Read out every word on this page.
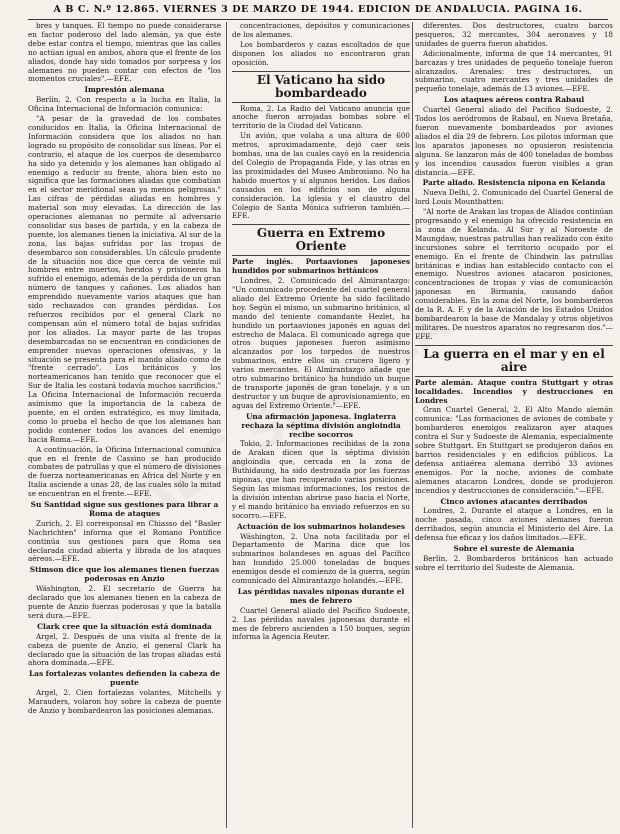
A B C. N.º 12.865. VIERNES 3 DE MARZO DE 1944. EDICION DE ANDALUCIA. PAGINA 16.

bres y tanques. El tiempo no puede considerarse en factor poderoso del lado alemán, ya que éste debe estar contra el tiempo, mientras que las calles no actúan igual en ambos, ahora que el frente de los aliados, donde hay sido tomados por sorpresa y los alemanes no pueden contar con efectos de "los momentos cruciales".—EFE.

Impresión alemana

Berlín, 2. Con respecto a la lucha en Italia, la Oficina Internacional de Información comunica:

"A pesar de la gravedad de los combates conducidos en Italia, la Oficina Internacional de Información considera que los aliados no han logrado su propósito de consolidar sus líneas. Por el contrario, el ataque de los cuerpos de desembarco ha sido ya detenido y los alemanes han obligado al enemigo a reducir su frente, ahora bien esto no significa que las formaciones aliadas que combatían en el sector meridional sean ya menos peligrosas." Las cifras de pérdidas aliadas en hombres y material son muy elevadas. La dirección de las operaciones alemanas no permite al adversario consolidar sus bases de partida, y en la cabeza de puente, los alemanes tienen la iniciativa. Al sur de la zona, las bajas sufridas por las tropas de desembarco son considerables. Un cálculo prudente de la situación nos dice que cerca de veinte mil hombres entre muertos, heridos y prisioneros ha sufrido el enemigo, además de la pérdida de un gran número de tanques y cañones. Los aliados han emprendido nuevamente varios ataques que han sido rechazados con grandes pérdidas. Los refuerzos recibidos por el general Clark no compensan aún el número total de bajas sufridas por los aliados. La mayor parte de las tropas desembarcadas no se encuentran en condiciones de emprender nuevas operaciones ofensivas, y la situación se presenta para el mando aliado como de "frente cerrado". Los británicos y los norteamericanos han tenido que reconocer que el Sur de Italia les costará todavía muchos sacrificios." La Oficina Internacional de Información recuerda asimismo que la importancia de la cabeza de puente, en el orden estratégico, es muy limitada, como lo prueba el hecho de que los alemanes han podido contener todos los avances del enemigo hacia Roma.—EFE.

A continuación, la Oficina Internacional comunica que en el frente de Cassino se han producido combates de patrullas y que el número de divisiones de fuerza norteamericanas en Africa del Norte y en Italia asciende a unas 28, de las cuales sólo la mitad se encuentran en el frente.—EFE.

Su Santidad sigue sus gestiones para librar a Roma de ataques

Zurich, 2. El corresponsal en Chiasso del "Basler Nachrichten" informa que el Romano Pontífice continúa sus gestiones para que Roma sea declarada ciudad abierta y librada de los ataques aéreos.—EFE.

Stimson dice que los alemanes tienen fuerzas poderosas en Anzio

Wáshington, 2. El secretario de Guerra ha declarado que los alemanes tienen en la cabeza de puente de Anzio fuerzas poderosas y que la batalla será dura.—EFE.

Clark cree que la situación está dominada

Argel, 2. Después de una visita al frente de la cabeza de puente de Anzio, el general Clark ha declarado que la situación de las tropas aliadas está ahora dominada.—EFE.

Las fortalezas volantes defienden la cabeza de puente

Argel, 2. Cien fortalezas volantes, Mitchells y Marauders, volaron hoy sobre la cabeza de puente de Anzio y bombardearon las posiciones alemanas.

concentraciones, depósitos y comunicaciones de los alemanes.

Los bombarderos y cazas escoltados de que disponen los aliados no encontraron gran oposición.

El Vaticano ha sido bombardeado

Roma, 2. La Radio del Vaticano anuncia que anoche fueron arrojadas bombas sobre el territorio de la Ciudad del Vaticano.

Un avión, que volaba a una altura de 600 metros, aproximadamente, dejó caer seis bombas, una de las cuales cayó en la residencia del Colegio de Propaganda Fide, y las otras en las proximidades del Museo Ambrosiano. No ha habido muertos y sí algunos heridos. Los daños causados en los edificios son de alguna consideración. La iglesia y el claustro del Colegio de Santa Mónica sufrieron también.—EFE.

Guerra en Extremo Oriente

Parte inglés. Portaaviones japoneses hundidos por submarinos británicos

Londres, 2. Comunicado del Almirantazgo: "Un comunicado procedente del cuartel general aliado del Extremo Oriente ha sido facilitado hoy. Según el mismo, un submarino británico, al mando del teniente comandante Hezlet, ha hundido un portaaviones japonés en aguas del estrecho de Malaca. El comunicado agrega que otros buques japoneses fueron asimismo alcanzados por los torpedos de nuestros submarinos, entre ellos un crucero ligero y varios mercantes. El Almirantazgo añade que otro submarino británico ha hundido un buque de transporte japonés de gran tonelaje, y a un destructor y un buque de aprovisionamiento, en aguas del Extremo Oriente."—EFE.

Una afirmación japonesa. Inglaterra rechaza la séptima división angloindia recibe socorros

Tokio, 2. Informaciones recibidas de la zona de Arakan dicen que la séptima división angloindia que, cercada en la zona de Buthidaung, ha sido destrozada por las fuerzas niponas, que han recuperado varias posiciones. Según las mismas informaciones, los restos de la división intentan abrirse paso hacia el Norte, y el mando británico ha enviado refuerzos en su socorro.—EFE.

Actuación de los submarinos holandeses

Wáshington, 2. Una nota facilitada por el Departamento de Marina dice que los submarinos holandeses en aguas del Pacífico han hundido 25.000 toneladas de buques enemigos desde el comienzo de la guerra, según comunicado del Almirantazgo holandés.—EFE.

Las pérdidas navales niponas durante el mes de febrero

Cuartel General aliado del Pacífico Sudoeste, 2. Las pérdidas navales japonesas durante el mes de febrero ascienden a 150 buques, según informa la Agencia Reuter.

diferentes. Dos destructores, cuatro barcos pesqueros, 32 mercantes, 304 aeronaves y 18 unidades de guerra fueron abatidos.

Adicionalmente, informa de que 14 mercantes, 91 barcazas y tres unidades de pequeño tonelaje fueron alcanzados. Arenales: tres destructores, un submarino, cuatro mercantes y tres unidades de pequeño tonelaje, además de 13 aviones.—EFE.

Los ataques aéreos contra Rabaul

Cuartel General aliado del Pacífico Sudoeste, 2. Todos los aeródromos de Rabaul, en Nueva Bretaña, fueron nuevamente bombardeados por aviones aliados el día 29 de febrero. Los pilotos informan que los aparatos japoneses no opusieron resistencia alguna. Se lanzaron más de 400 toneladas de bombas y los incendios causados fueron visibles a gran distancia.—EFE.

Parte aliado. Resistencia nipona en Kelanda

Nueva Delhi, 2. Comunicado del Cuartel General de lord Louis Mountbatten:

"Al norte de Arakan las tropas de Aliados continúan progresando y el enemigo ha ofrecido resistencia en la zona de Kelanda. Al Sur y al Noroeste de Maungdaw, nuestras patrullas han realizado con éxito incursiones sobre el territorio ocupado por el enemigo. En el frente de Chindwin las patrullas británicas e indias han establecido contacto con el enemigo. Nuestros aviones atacaron posiciones, concentraciones de tropas y vías de comunicación japonesas en Birmania, causando daños considerables. En la zona del Norte, los bombarderos de la R. A. F. y de la Aviación de los Estados Unidos bombardearon la base de Mandalay y otros objetivos militares. De nuestros aparatos no regresaron dos."—EFE.

La guerra en el mar y en el aire

Parte alemán. Ataque contra Stuttgart y otras localidades. Incendios y destrucciones en Londres

Gran Cuartel General, 2. El Alto Mando alemán comunica: "Las formaciones de aviones de combate y bombarderos enemigos realizaron ayer ataques contra el Sur y Sudoeste de Alemania, especialmente sobre Stuttgart. En Stuttgart se produjeron daños en barrios residenciales y en edificios públicos. La defensa antiaérea alemana derribó 33 aviones enemigos. Por la noche, aviones de combate alemanes atacaron Londres, donde se produjeron incendios y destrucciones de consideración."—EFE.

Cinco aviones atacantes derribados

Londres, 2. Durante el ataque a Londres, en la noche pasada, cinco aviones alemanes fueron derribados, según anuncia el Ministerio del Aire. La defensa fue eficaz y los daños limitados.—EFE.

Sobre el sureste de Alemania

Berlín, 2. Bombarderos británicos han actuado sobre el territorio del Sudeste de Alemania.
